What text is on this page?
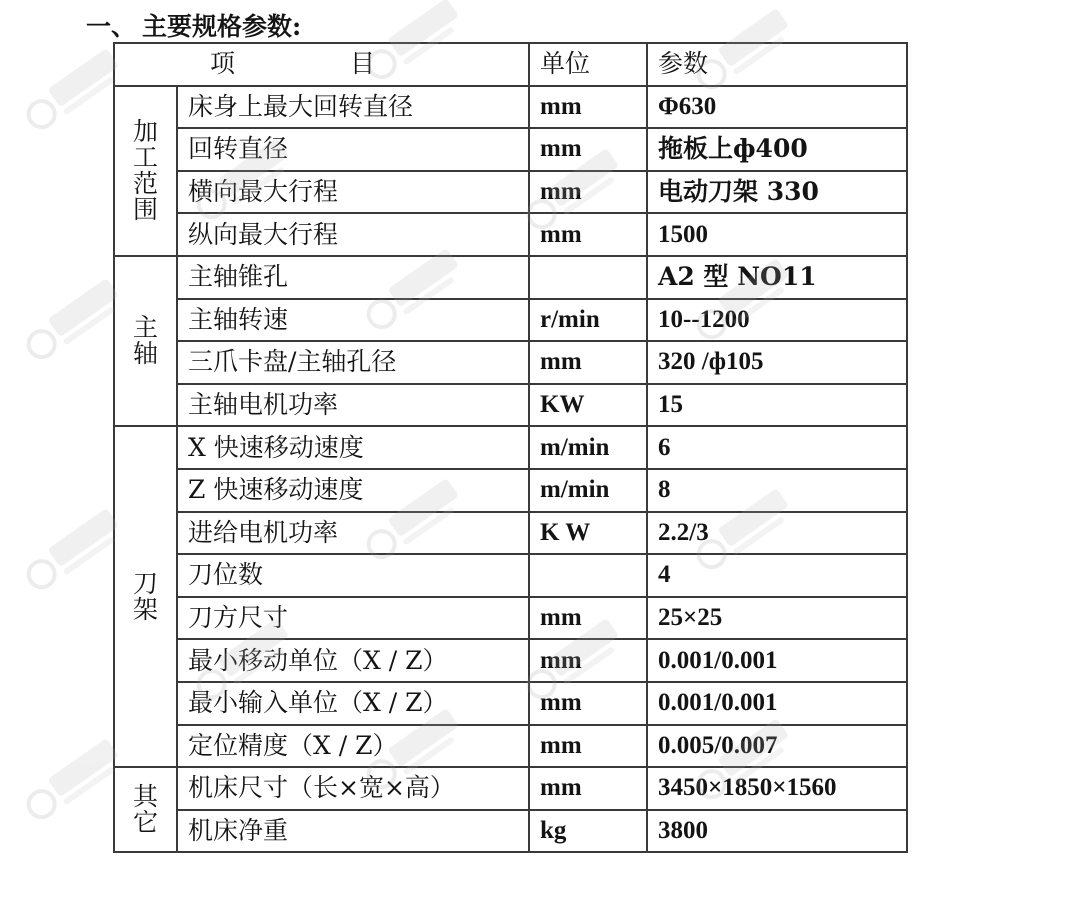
一、 主要规格参数:
项 目		单位	参数

加
工
范
围	床身上最大回转直径	mm	Φ630
	回转直径	mm	拖板上ф400
	横向最大行程	mm	电动刀架 330
	纵向最大行程	mm	1500

主
轴	主轴锥孔		A2 型 NO11
	主轴转速	r/min	10--1200
	三爪卡盘/主轴孔径	mm	320 /ф105
	主轴电机功率	KW	15

刀
架	X 快速移动速度	m/min	6
	Z 快速移动速度	m/min	8
	进给电机功率	K W	2.2/3
	刀位数		4
	刀方尺寸	mm	25×25
	最小移动单位（X / Z）	mm	0.001/0.001
	最小输入单位（X / Z）	mm	0.001/0.001
	定位精度（X / Z）	mm	0.005/0.007

其
它	机床尺寸（长×宽×高）	mm	3450×1850×1560
	机床净重	kg	3800
